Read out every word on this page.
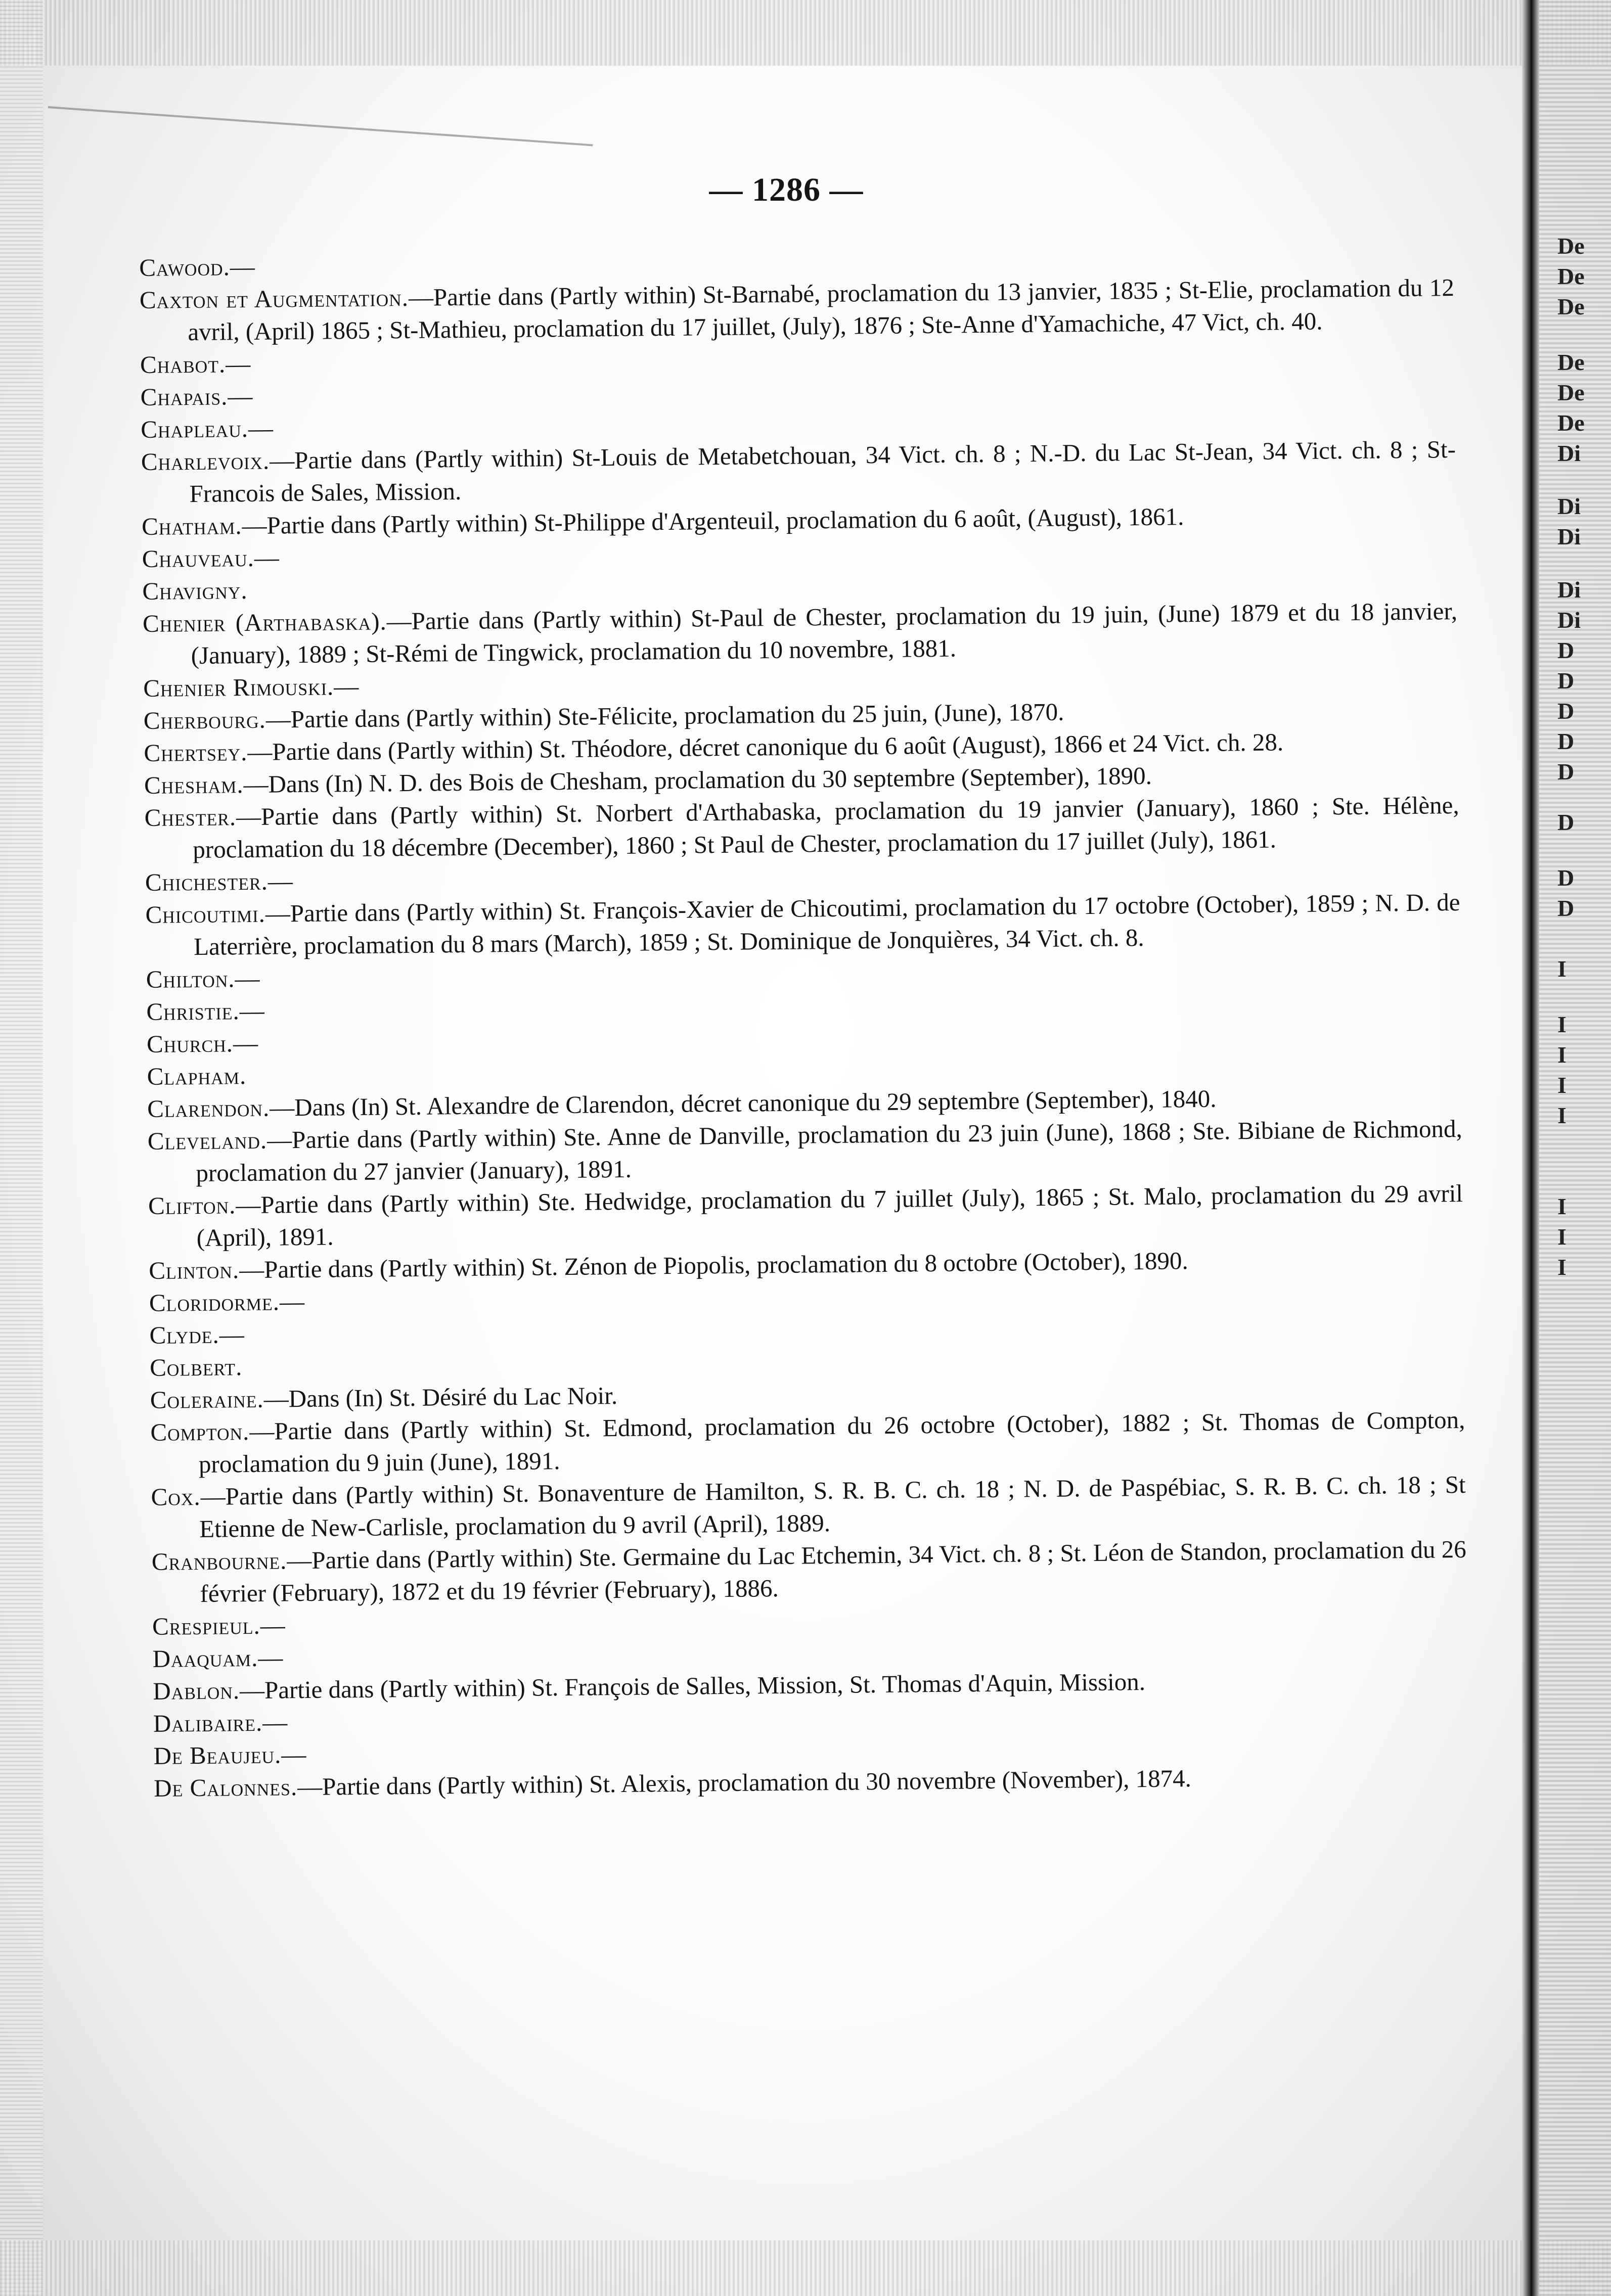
De
De
De
De
De
De
Di
Di
Di
Di
Di
D
D
D
D
D
D
D
D
I
I
I
I
I
I
I
I
— 1286 —

Cawood.—

Caxton et Augmentation.—Partie dans (Partly within) St-Barnabé, proclamation du 13 janvier, 1835 ; St-Elie, proclamation du 12 avril, (April) 1865 ; St-Mathieu, proclamation du 17 juillet, (July), 1876 ; Ste-Anne d'Yamachiche, 47 Vict, ch. 40.

Chabot.—

Chapais.—

Chapleau.—

Charlevoix.—Partie dans (Partly within) St-Louis de Metabetchouan, 34 Vict. ch. 8 ; N.-D. du Lac St-Jean, 34 Vict. ch. 8 ; St-Francois de Sales, Mission.

Chatham.—Partie dans (Partly within) St-Philippe d'Argenteuil, proclamation du 6 août, (August), 1861.

Chauveau.—

Chavigny.

Chenier (Arthabaska).—Partie dans (Partly within) St-Paul de Chester, proclamation du 19 juin, (June) 1879 et du 18 janvier, (January), 1889 ; St-Rémi de Tingwick, proclamation du 10 novembre, 1881.

Chenier Rimouski.—

Cherbourg.—Partie dans (Partly within) Ste-Félicite, proclamation du 25 juin, (June), 1870.

Chertsey.—Partie dans (Partly within) St. Théodore, décret canonique du 6 août (August), 1866 et 24 Vict. ch. 28.

Chesham.—Dans (In) N. D. des Bois de Chesham, proclamation du 30 septembre (September), 1890.

Chester.—Partie dans (Partly within) St. Norbert d'Arthabaska, proclamation du 19 janvier (January), 1860 ; Ste. Hélène, proclamation du 18 décembre (December), 1860 ; St Paul de Chester, proclamation du 17 juillet (July), 1861.

Chichester.—

Chicoutimi.—Partie dans (Partly within) St. François-Xavier de Chicoutimi, proclamation du 17 octobre (October), 1859 ; N. D. de Laterrière, proclamation du 8 mars (March), 1859 ; St. Dominique de Jonquières, 34 Vict. ch. 8.

Chilton.—

Christie.—

Church.—

Clapham.

Clarendon.—Dans (In) St. Alexandre de Clarendon, décret canonique du 29 septembre (September), 1840.

Cleveland.—Partie dans (Partly within) Ste. Anne de Danville, proclamation du 23 juin (June), 1868 ; Ste. Bibiane de Richmond, proclamation du 27 janvier (January), 1891.

Clifton.—Partie dans (Partly within) Ste. Hedwidge, proclamation du 7 juillet (July), 1865 ; St. Malo, proclamation du 29 avril (April), 1891.

Clinton.—Partie dans (Partly within) St. Zénon de Piopolis, proclamation du 8 octobre (October), 1890.

Cloridorme.—

Clyde.—

Colbert.

Coleraine.—Dans (In) St. Désiré du Lac Noir.

Compton.—Partie dans (Partly within) St. Edmond, proclamation du 26 octobre (October), 1882 ; St. Thomas de Compton, proclamation du 9 juin (June), 1891.

Cox.—Partie dans (Partly within) St. Bonaventure de Hamilton, S. R. B. C. ch. 18 ; N. D. de Paspébiac, S. R. B. C. ch. 18 ; St Etienne de New-Carlisle, proclamation du 9 avril (April), 1889.

Cranbourne.—Partie dans (Partly within) Ste. Germaine du Lac Etchemin, 34 Vict. ch. 8 ; St. Léon de Standon, proclamation du 26 février (February), 1872 et du 19 février (February), 1886.

Crespieul.—

Daaquam.—

Dablon.—Partie dans (Partly within) St. François de Salles, Mission, St. Thomas d'Aquin, Mission.

Dalibaire.—

De Beaujeu.—

De Calonnes.—Partie dans (Partly within) St. Alexis, proclamation du 30 novembre (November), 1874.
